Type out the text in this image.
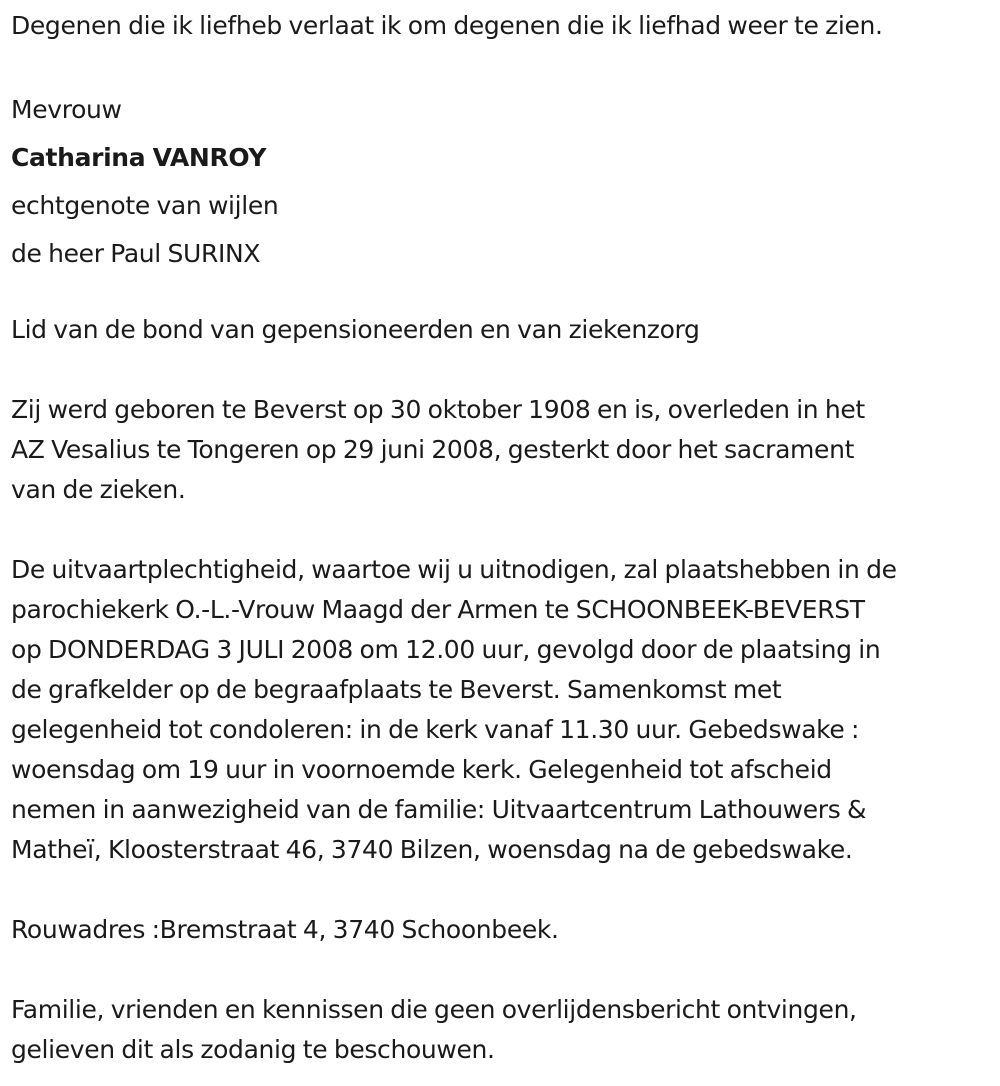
Degenen die ik liefheb verlaat ik om degenen die ik liefhad weer te zien.
Mevrouw
Catharina VANROY
echtgenote van wijlen
de heer Paul SURINX
Lid van de bond van gepensioneerden en van ziekenzorg
Zij werd geboren te Beverst op 30 oktober 1908 en is, overleden in het
AZ Vesalius te Tongeren op 29 juni 2008, gesterkt door het sacrament
van de zieken.
De uitvaartplechtigheid, waartoe wij u uitnodigen, zal plaatshebben in de
parochiekerk O.-L.-Vrouw Maagd der Armen te SCHOONBEEK-BEVERST
op DONDERDAG 3 JULI 2008 om 12.00 uur, gevolgd door de plaatsing in
de grafkelder op de begraafplaats te Beverst. Samenkomst met
gelegenheid tot condoleren: in de kerk vanaf 11.30 uur. Gebedswake :
woensdag om 19 uur in voornoemde kerk. Gelegenheid tot afscheid
nemen in aanwezigheid van de familie: Uitvaartcentrum Lathouwers &
Matheï, Kloosterstraat 46, 3740 Bilzen, woensdag na de gebedswake.
Rouwadres :Bremstraat 4, 3740 Schoonbeek.
Familie, vrienden en kennissen die geen overlijdensbericht ontvingen,
gelieven dit als zodanig te beschouwen.
